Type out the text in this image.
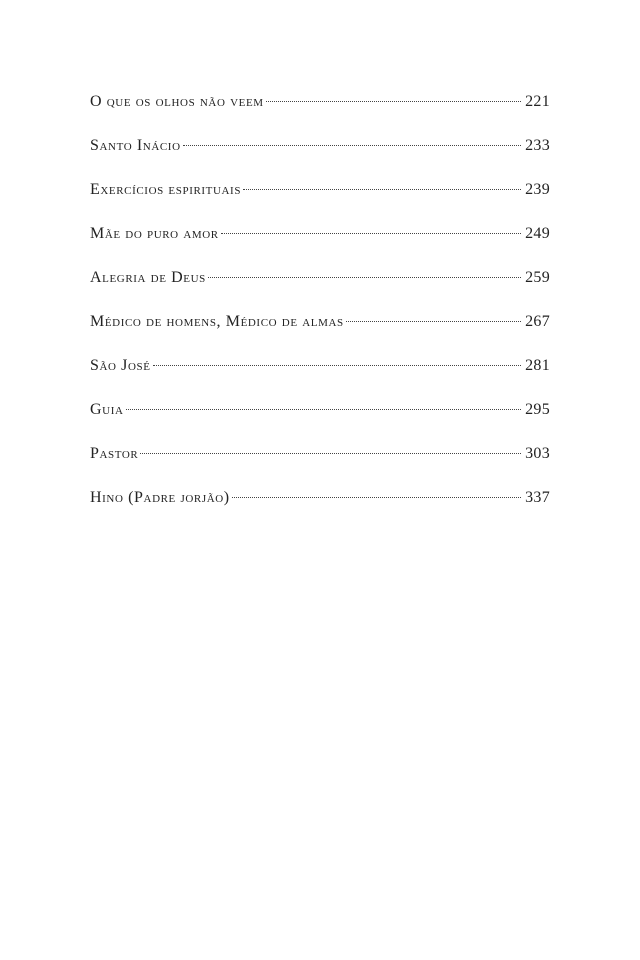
O que os olhos não veem	221
Santo Inácio	233
Exercícios espirituais	239
Mãe do puro amor	249
Alegria de Deus	259
Médico de homens, Médico de almas	267
São José	281
Guia	295
Pastor	303
Hino (Padre jorjão)	337
